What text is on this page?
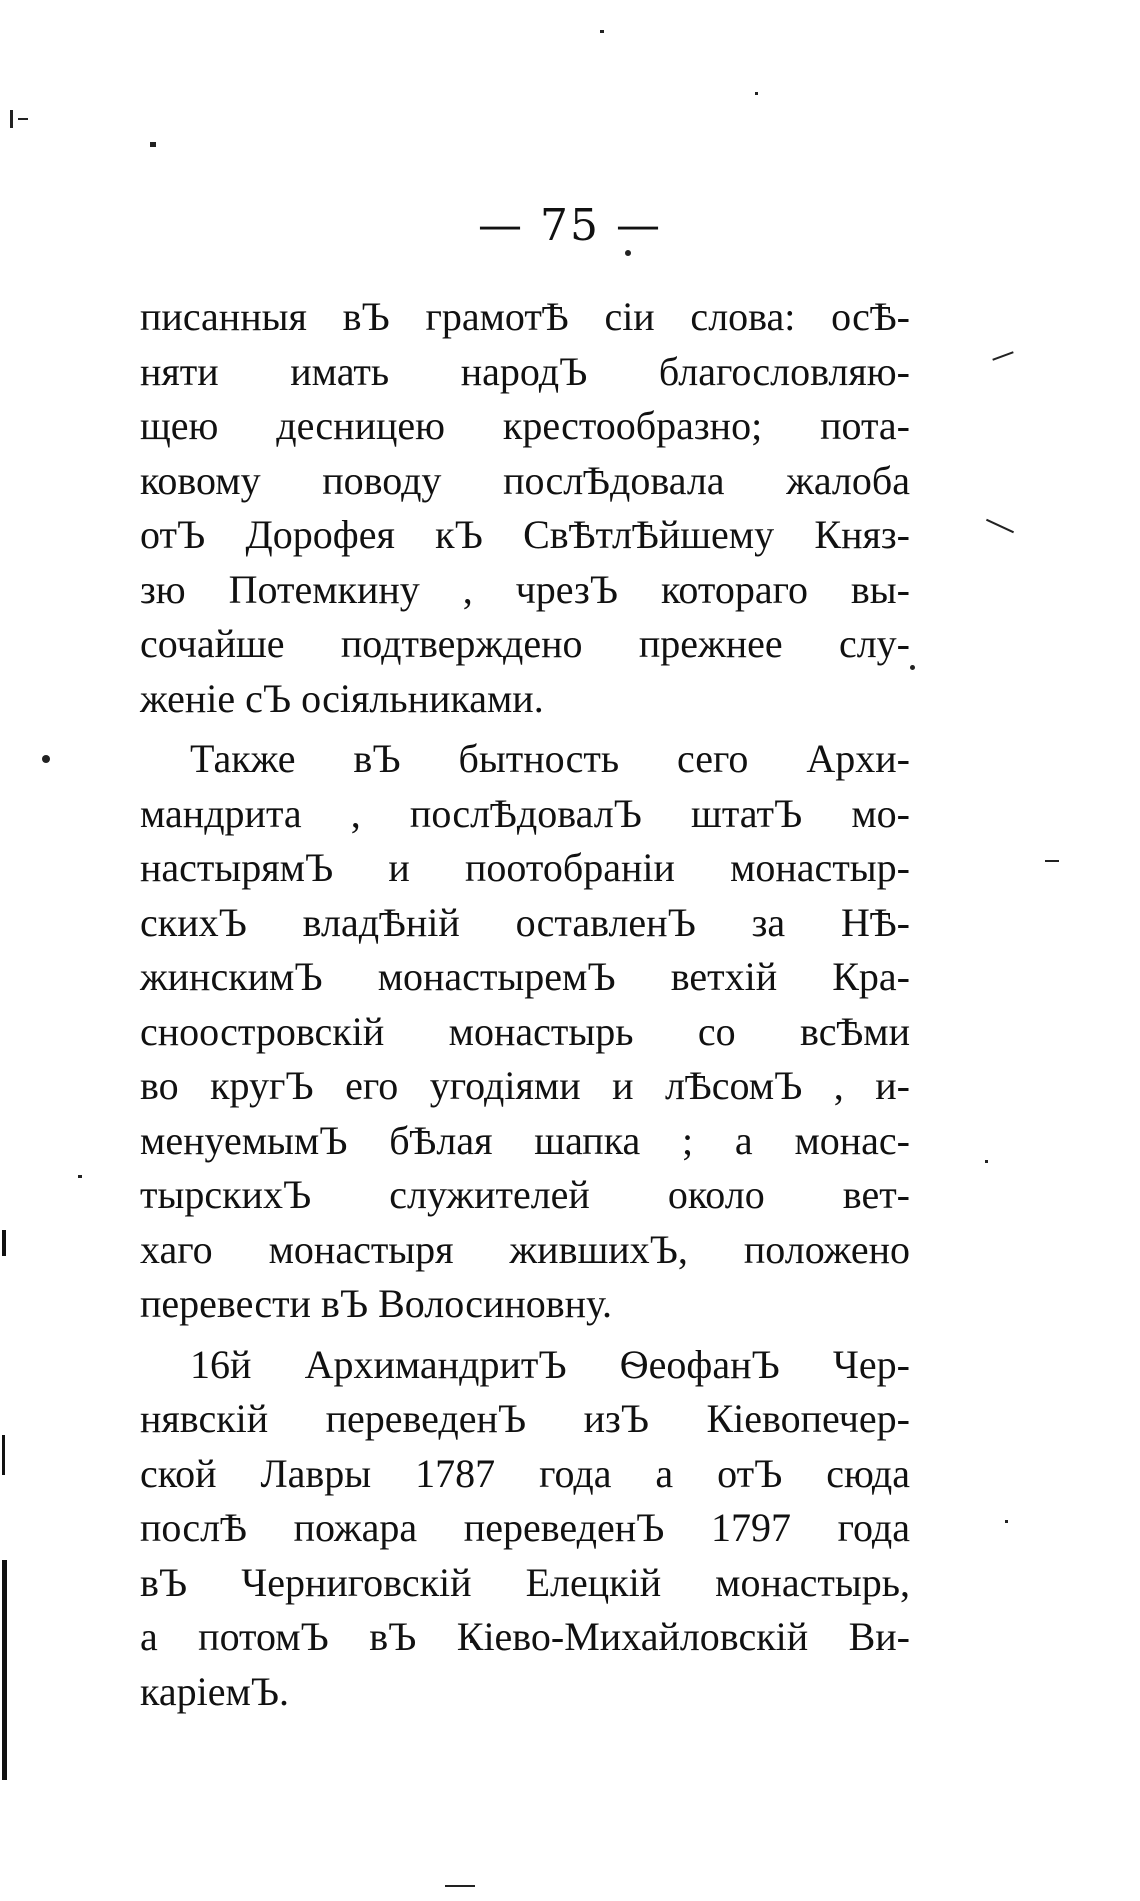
— 75 —
писанныя вЪ грамотѢ сіи слова: осѢ-
няти имать народЪ благословляю-
щею десницею крестообразно; пота-
ковому поводу послѢдовала жалоба
отЪ Дорофея кЪ СвѢтлѢйшему Княз-
зю Потемкину , чрезЪ котораго вы-
сочайше подтверждено прежнее слу-
женіе сЪ осіяльниками.
Также вЪ бытность сего Архи-
мандрита , послѢдовалЪ штатЪ мо-
настырямЪ и поотобраніи монастыр-
скихЪ владѢній оставленЪ за НѢ-
жинскимЪ монастыремЪ ветхій Кра-
сноостровскій монастырь со всѢми
во кругЪ его угодіями и лѢсомЪ , и-
менуемымЪ бѢлая шапка ; а монас-
тырскихЪ служителей около вет-
хаго монастыря жившихЪ, положено
перевести вЪ Волосиновну.
16й АрхимандритЪ ѲеофанЪ Чер-
нявскій переведенЪ изЪ Кіевопечер-
ской Лавры 1787 года а отЪ сюда
послѢ пожара переведенЪ 1797 года
вЪ Черниговскій Елецкій монастырь,
а потомЪ вЪ Кіево-Михайловскій Ви-
каріемЪ.
